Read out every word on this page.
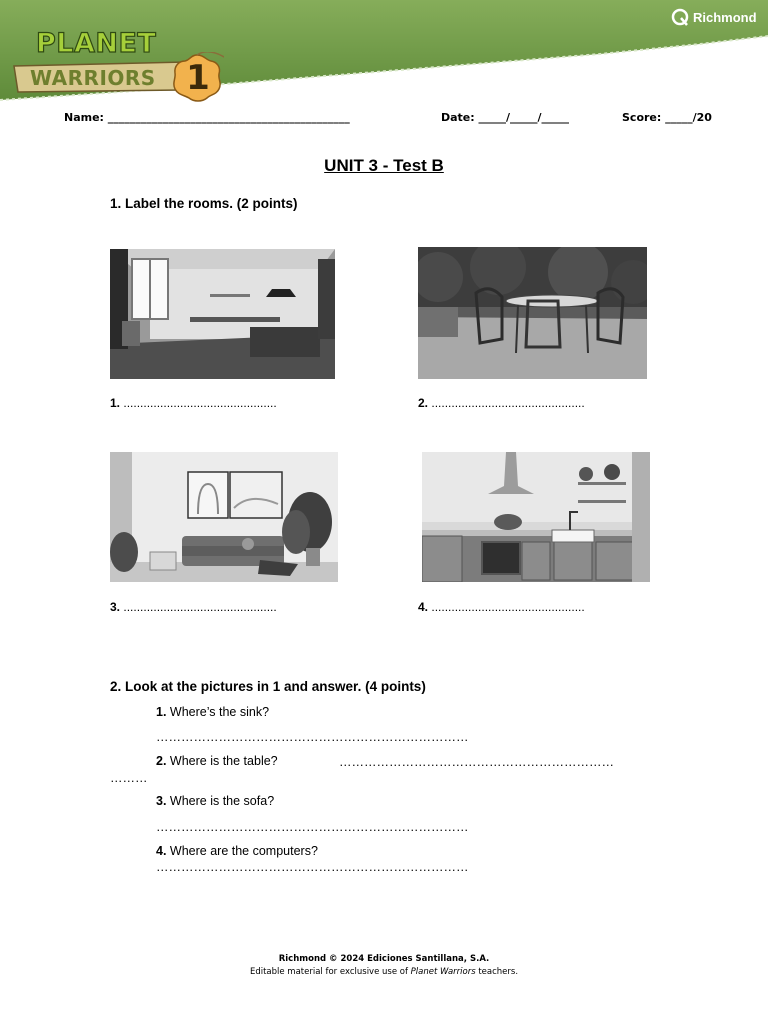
PLANET
WARRIORS 1
Richmond
Name: ____________________________________________	Date: _____/_____/_____	Score: _____/20
UNIT 3 - Test B
1. Label the rooms. (2 points)
1. ..............................................	2. ..............................................
3. ..............................................	4. ..............................................
2. Look at the pictures in 1 and answer. (4 points)
1. Where’s the sink?
…………………………………………………………………
2. Where is the table?	…………………………………………………………
………
3. Where is the sofa?
…………………………………………………………………
4. Where are the computers?
…………………………………………………………………
Richmond © 2024 Ediciones Santillana, S.A.
Editable material for exclusive use of Planet Warriors teachers.
